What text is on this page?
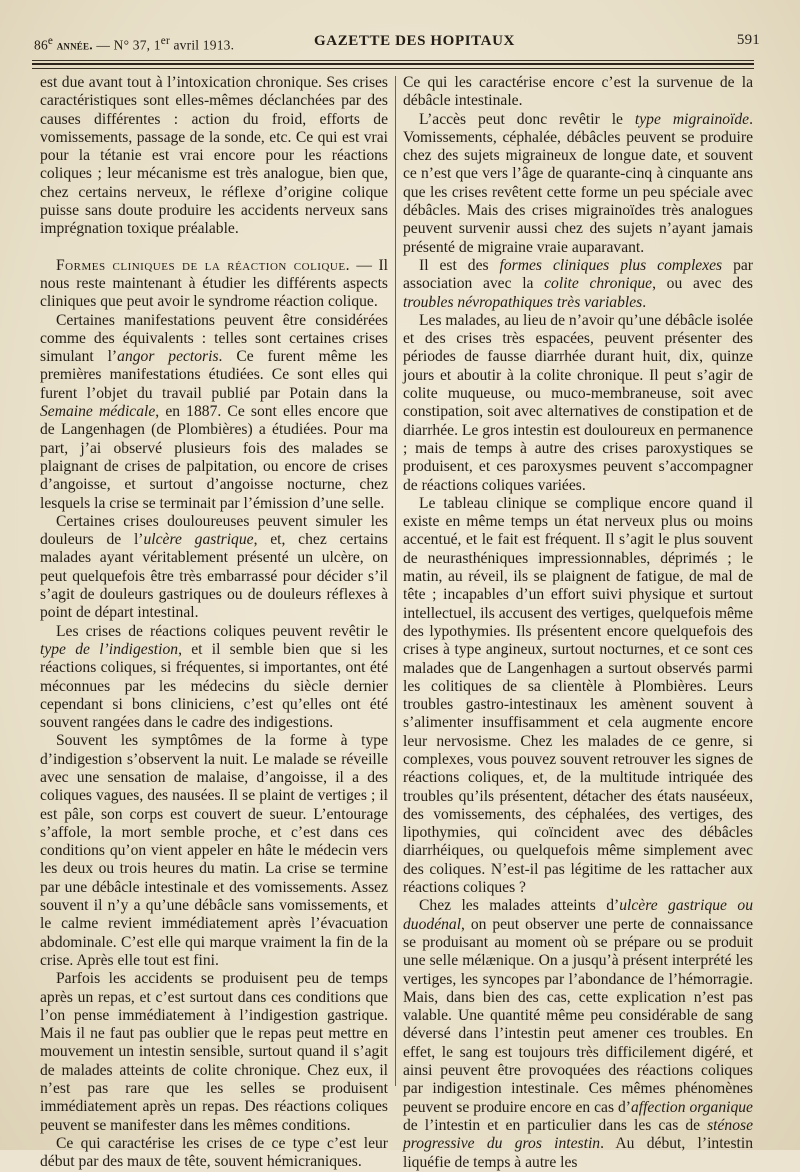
86e année. — N° 37, 1er avril 1913.	GAZETTE DES HOPITAUX	591

est due avant tout à l’intoxication chronique. Ses crises caractéristiques sont elles-mêmes déclanchées par des causes différentes : action du froid, efforts de vomissements, passage de la sonde, etc. Ce qui est vrai pour la tétanie est vrai encore pour les réactions coliques ; leur mécanisme est très analogue, bien que, chez certains nerveux, le réflexe d’origine colique puisse sans doute produire les accidents nerveux sans imprégnation toxique préalable.

Formes cliniques de la réaction colique. — Il nous reste maintenant à étudier les différents aspects cliniques que peut avoir le syndrome réaction colique.

Certaines manifestations peuvent être considérées comme des équivalents : telles sont certaines crises simulant l’angor pectoris. Ce furent même les premières manifestations étudiées. Ce sont elles qui furent l’objet du travail publié par Potain dans la Semaine médicale, en 1887. Ce sont elles encore que de Langenhagen (de Plombières) a étudiées. Pour ma part, j’ai observé plusieurs fois des malades se plaignant de crises de palpitation, ou encore de crises d’angoisse, et surtout d’angoisse nocturne, chez lesquels la crise se terminait par l’émission d’une selle.

Certaines crises douloureuses peuvent simuler les douleurs de l’ulcère gastrique, et, chez certains malades ayant véritablement présenté un ulcère, on peut quelquefois être très embarrassé pour décider s’il s’agit de douleurs gastriques ou de douleurs réflexes à point de départ intestinal.

Les crises de réactions coliques peuvent revêtir le type de l’indigestion, et il semble bien que si les réactions coliques, si fréquentes, si importantes, ont été méconnues par les médecins du siècle dernier cependant si bons cliniciens, c’est qu’elles ont été souvent rangées dans le cadre des indigestions.

Souvent les symptômes de la forme à type d’indigestion s’observent la nuit. Le malade se réveille avec une sensation de malaise, d’angoisse, il a des coliques vagues, des nausées. Il se plaint de vertiges ; il est pâle, son corps est couvert de sueur. L’entourage s’affole, la mort semble proche, et c’est dans ces conditions qu’on vient appeler en hâte le médecin vers les deux ou trois heures du matin. La crise se termine par une débâcle intestinale et des vomissements. Assez souvent il n’y a qu’une débâcle sans vomissements, et le calme revient immédiatement après l’évacuation abdominale. C’est elle qui marque vraiment la fin de la crise. Après elle tout est fini.

Parfois les accidents se produisent peu de temps après un repas, et c’est surtout dans ces conditions que l’on pense immédiatement à l’indigestion gastrique. Mais il ne faut pas oublier que le repas peut mettre en mouvement un intestin sensible, surtout quand il s’agit de malades atteints de colite chronique. Chez eux, il n’est pas rare que les selles se produisent immédiatement après un repas. Des réactions coliques peuvent se manifester dans les mêmes conditions.

Ce qui caractérise les crises de ce type c’est leur début par des maux de tête, souvent hémicraniques.

Ce qui les caractérise encore c’est la survenue de la débâcle intestinale.

L’accès peut donc revêtir le type migrainoïde. Vomissements, céphalée, débâcles peuvent se produire chez des sujets migraineux de longue date, et souvent ce n’est que vers l’âge de quarante-cinq à cinquante ans que les crises revêtent cette forme un peu spéciale avec débâcles. Mais des crises migrainoïdes très analogues peuvent survenir aussi chez des sujets n’ayant jamais présenté de migraine vraie auparavant.

Il est des formes cliniques plus complexes par association avec la colite chronique, ou avec des troubles névropathiques très variables.

Les malades, au lieu de n’avoir qu’une débâcle isolée et des crises très espacées, peuvent présenter des périodes de fausse diarrhée durant huit, dix, quinze jours et aboutir à la colite chronique. Il peut s’agir de colite muqueuse, ou muco-membraneuse, soit avec constipation, soit avec alternatives de constipation et de diarrhée. Le gros intestin est douloureux en permanence ; mais de temps à autre des crises paroxystiques se produisent, et ces paroxysmes peuvent s’accompagner de réactions coliques variées.

Le tableau clinique se complique encore quand il existe en même temps un état nerveux plus ou moins accentué, et le fait est fréquent. Il s’agit le plus souvent de neurasthéniques impressionnables, déprimés ; le matin, au réveil, ils se plaignent de fatigue, de mal de tête ; incapables d’un effort suivi physique et surtout intellectuel, ils accusent des vertiges, quelquefois même des lypothymies. Ils présentent encore quelquefois des crises à type angineux, surtout nocturnes, et ce sont ces malades que de Langenhagen a surtout observés parmi les colitiques de sa clientèle à Plombières. Leurs troubles gastro-intestinaux les amènent souvent à s’alimenter insuffisamment et cela augmente encore leur nervosisme. Chez les malades de ce genre, si complexes, vous pouvez souvent retrouver les signes de réactions coliques, et, de la multitude intriquée des troubles qu’ils présentent, détacher des états nauséeux, des vomissements, des céphalées, des vertiges, des lipothymies, qui coïncident avec des débâcles diarrhéiques, ou quelquefois même simplement avec des coliques. N’est-il pas légitime de les rattacher aux réactions coliques ?

Chez les malades atteints d’ulcère gastrique ou duodénal, on peut observer une perte de connaissance se produisant au moment où se prépare ou se produit une selle mélænique. On a jusqu’à présent interprété les vertiges, les syncopes par l’abondance de l’hémorragie. Mais, dans bien des cas, cette explication n’est pas valable. Une quantité même peu considérable de sang déversé dans l’intestin peut amener ces troubles. En effet, le sang est toujours très difficilement digéré, et ainsi peuvent être provoquées des réactions coliques par indigestion intestinale. Ces mêmes phénomènes peuvent se produire encore en cas d’affection organique de l’intestin et en particulier dans les cas de sténose progressive du gros intestin. Au début, l’intestin liquéfie de temps à autre les
